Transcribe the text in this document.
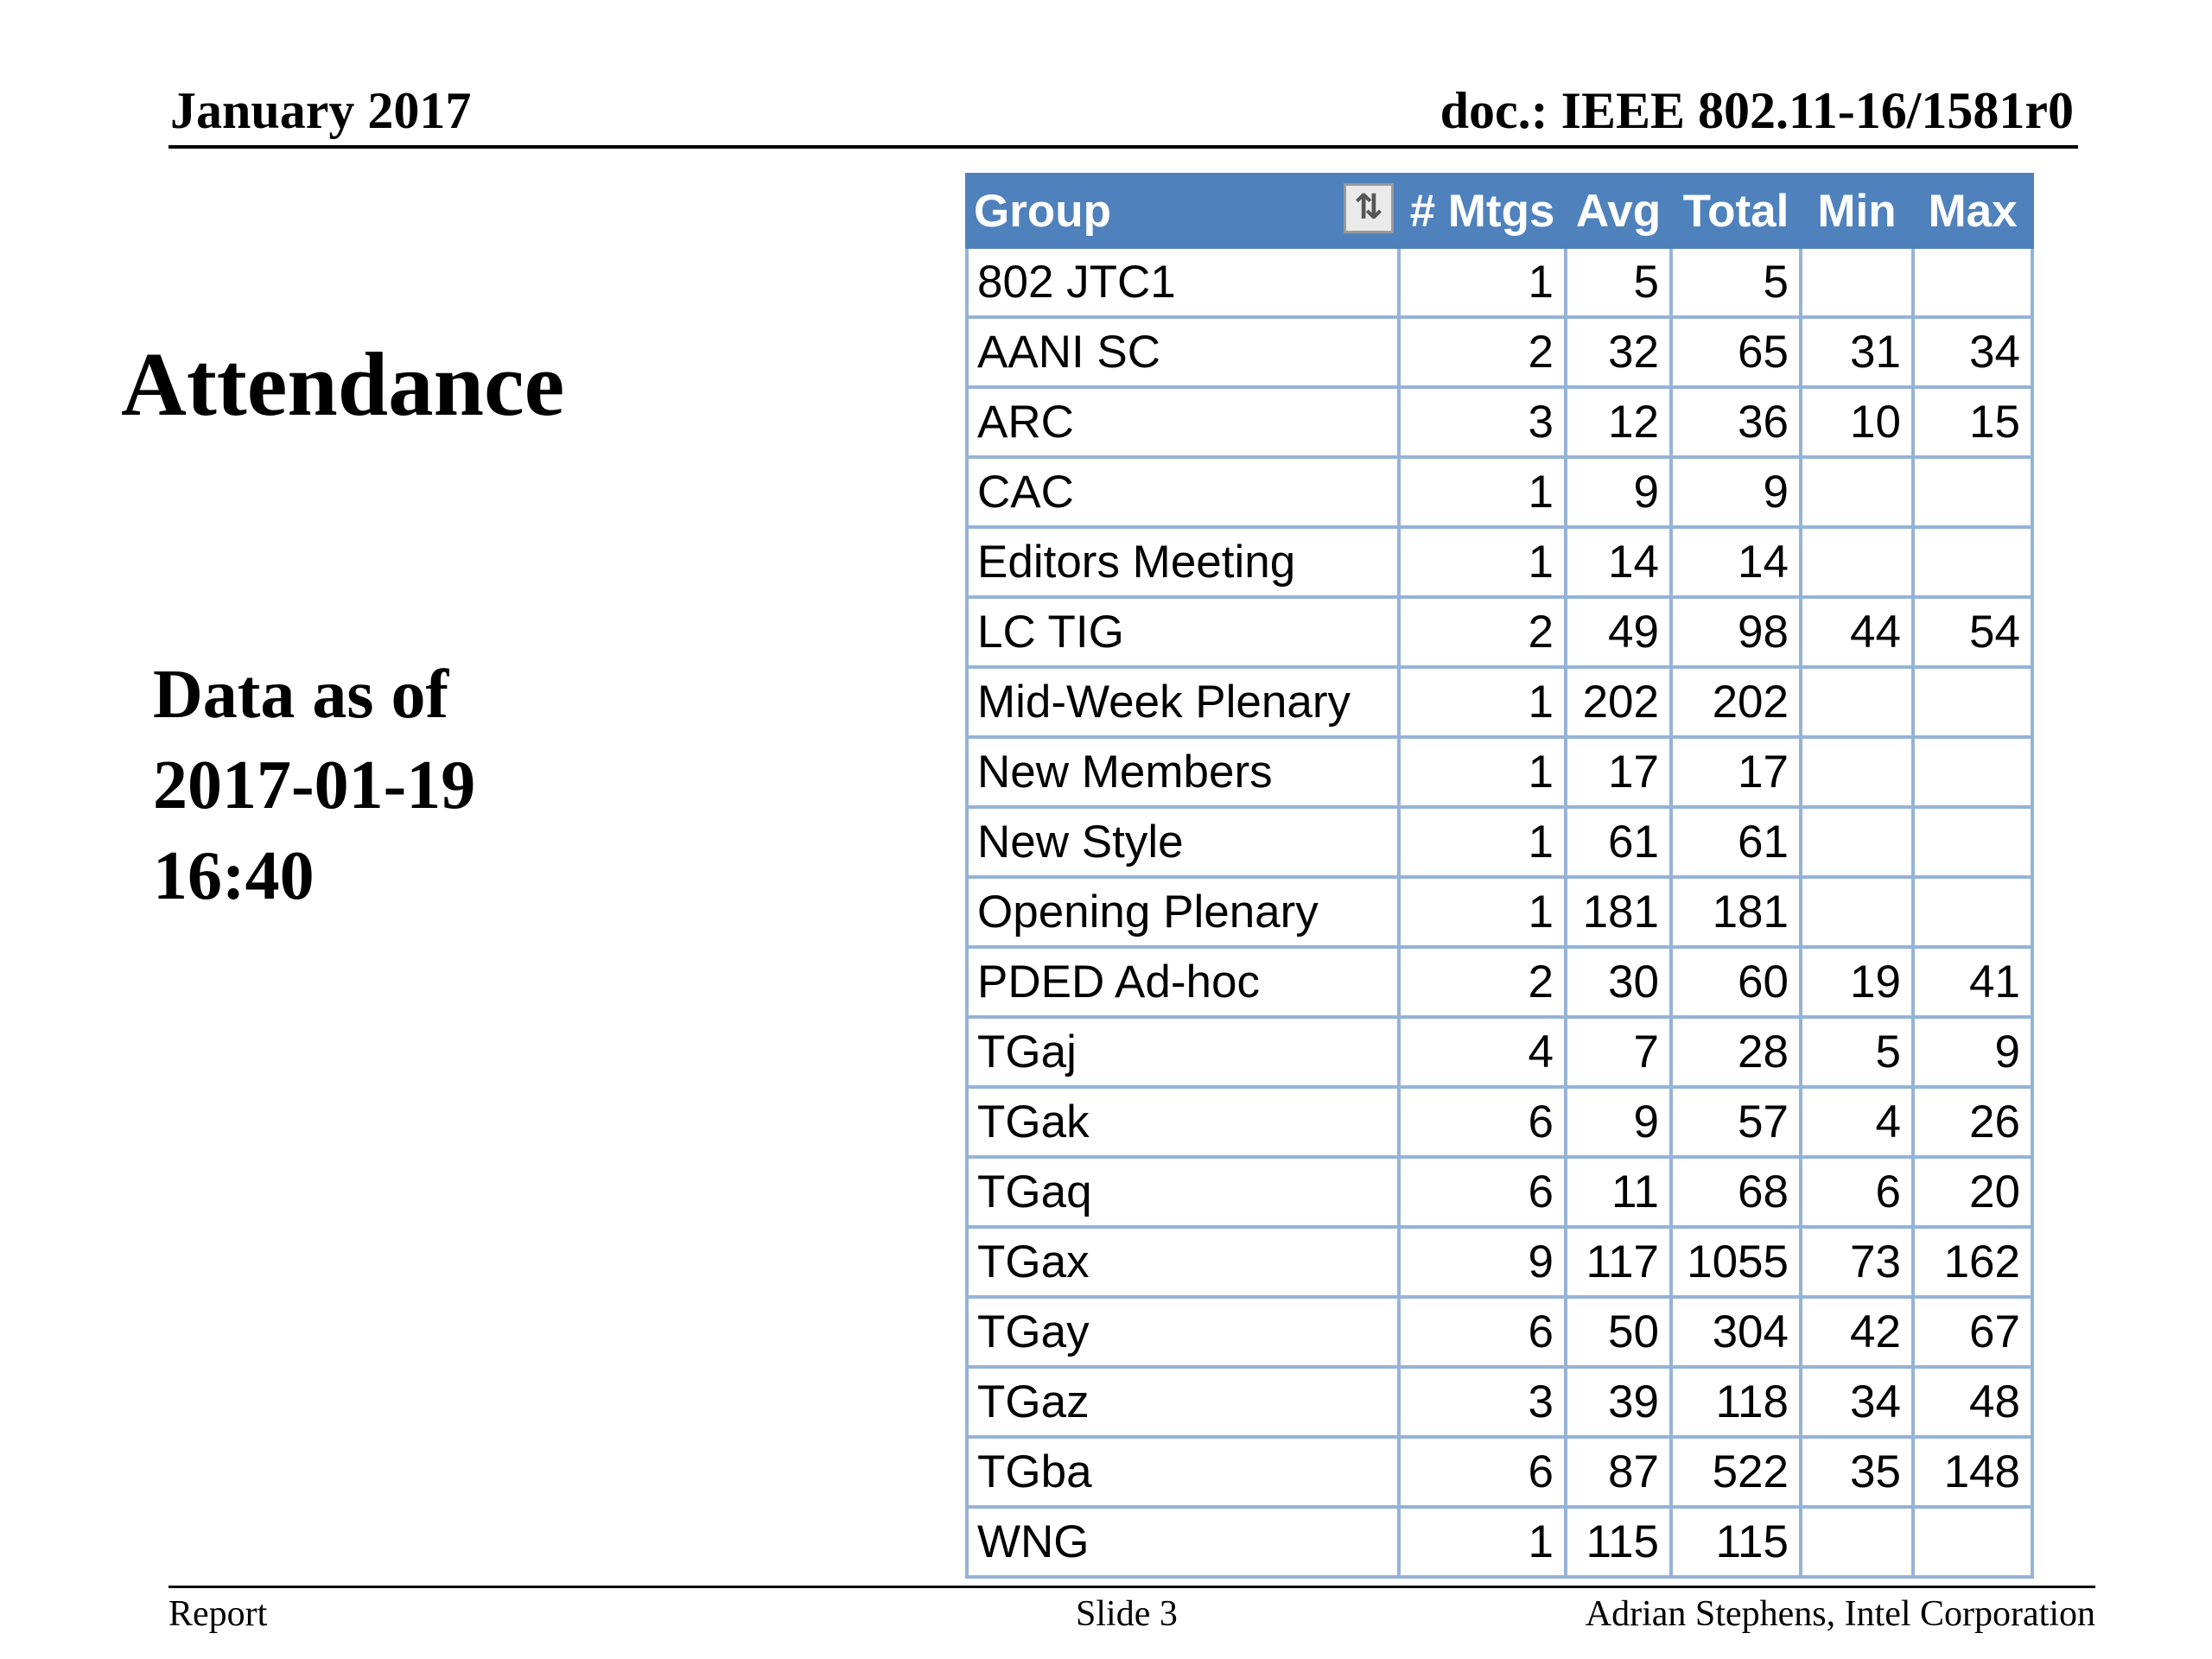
January 2017	doc.: IEEE 802.11-16/1581r0
Attendance
Data as of
2017-01-19
16:40
Group ⇅	# Mtgs	Avg	Total	Min	Max
802 JTC1	1	5	5		
AANI SC	2	32	65	31	34
ARC	3	12	36	10	15
CAC	1	9	9		
Editors Meeting	1	14	14		
LC TIG	2	49	98	44	54
Mid-Week Plenary	1	202	202		
New Members	1	17	17		
New Style	1	61	61		
Opening Plenary	1	181	181		
PDED Ad-hoc	2	30	60	19	41
TGaj	4	7	28	5	9
TGak	6	9	57	4	26
TGaq	6	11	68	6	20
TGax	9	117	1055	73	162
TGay	6	50	304	42	67
TGaz	3	39	118	34	48
TGba	6	87	522	35	148
WNG	1	115	115		
Report	Slide 3	Adrian Stephens, Intel Corporation
